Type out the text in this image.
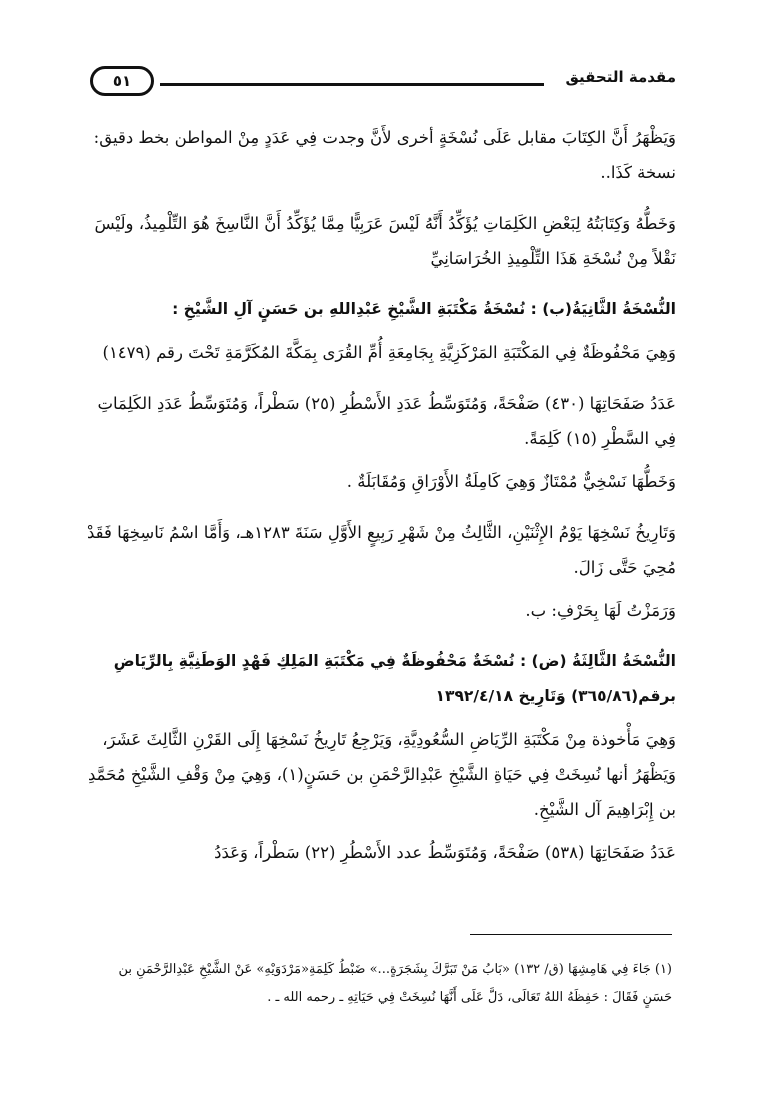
مقدمة التحقيق
٥١

وَيَظْهَرُ أَنَّ الكِتَابَ مقابل عَلَى نُسْخَةٍ أخرى لأَنَّ وجدت فِي عَدَدٍ مِنْ المواطن بخط دقيق: نسخة كَذَا..

وَخَطُّهُ وَكِتَابَتُهُ لِبَعْضِ الكَلِمَاتِ يُؤَكِّدُ أَنَّهُ لَيْسَ عَرَبِيًّا مِمَّا يُؤَكِّدُ أَنَّ النَّاسِخَ هُوَ التِّلْمِيذُ، ولَيْسَ نَقْلاً مِنْ نُسْخَةِ هَذَا التِّلْمِيذِ الخُرَاسَانِيِّ

النُّسْخَةُ الثَّانِيَةُ(ب) : نُسْخَةُ مَكْتَبَةِ الشَّيْخِ عَبْدِاللهِ بن حَسَنٍ آلِ الشَّيْخِ :

وَهِيَ مَحْفُوظَةٌ فِي المَكْتَبَةِ المَرْكَزِيَّةِ بِجَامِعَةِ أُمِّ القُرَى بِمَكَّةَ المُكَرَّمَةِ تَحْتَ رقم (١٤٧٩)

عَدَدُ صَفَحَاتِهَا (٤٣٠) صَفْحَةً، وَمُتَوَسِّطُ عَدَدِ الأَسْطُرِ (٢٥) سَطْراً، وَمُتَوَسِّطُ عَدَدِ الكَلِمَاتِ فِي السَّطْرِ (١٥) كَلِمَةً.

وَخَطُّهَا نَسْخِيٌّ مُمْتَازٌ وَهِيَ كَامِلَةُ الأَوْرَاقِ وَمُقَابَلَةٌ .

وَتَارِيخُ نَسْخِهَا يَوْمُ الإِثْنَيْنِ، الثَّالِثُ مِنْ شَهْرِ رَبِيعٍ الأَوَّلِ سَنَةَ ١٢٨٣هـ، وَأَمَّا اسْمُ نَاسِخِهَا فَقَدْ مُحِيَ حَتَّى زَالَ.

وَرَمَزْتُ لَهَا بِحَرْفِ: ب.

النُّسْخَةُ الثَّالِثَةُ (ض) : نُسْخَةٌ مَحْفُوظَةٌ فِي مَكْتَبَةِ المَلِكِ فَهْدٍ الوَطَنِيَّةِ بِالرِّيَاضِ برقم(٣٦٥/٨٦) وَتَارِيخ ١٣٩٢/٤/١٨

وَهِيَ مَأْخوذة مِنْ مَكْتَبَةِ الرِّيَاضِ السُّعُودِيَّةِ، وَيَرْجِعُ تَارِيخُ نَسْخِهَا إِلَى القَرْنِ الثَّالِثَ عَشَرَ، وَيَظْهَرُ أنها نُسِخَتْ فِي حَيَاةِ الشَّيْخِ عَبْدِالرَّحْمَنِ بن حَسَنٍ(١)، وَهِيَ مِنْ وَقْفِ الشَّيْخِ مُحَمَّدِ بن إِبْرَاهِيمَ آل الشَّيْخِ.

عَدَدُ صَفَحَاتِهَا (٥٣٨) صَفْحَةً، وَمُتَوَسِّطُ عدد الأَسْطُرِ (٢٢) سَطْراً، وَعَدَدُ

(١) جَاءَ فِي هَامِشِهَا (ق/ ١٣٢) «بَابُ مَنْ تَبَرَّكَ بِشَجَرَةٍ...» ضَبْطُ كَلِمَةِ«مَرْدَوَيْهِ» عَنْ الشَّيْخِ عَبْدِالرَّحْمَنِ بن حَسَنٍ فَقَالَ : حَفِظَهُ اللهُ تَعَالَى، دَلَّ عَلَى أَنَّهَا نُسِخَتْ فِي حَيَاتِهِ ـ رحمه الله ـ .
